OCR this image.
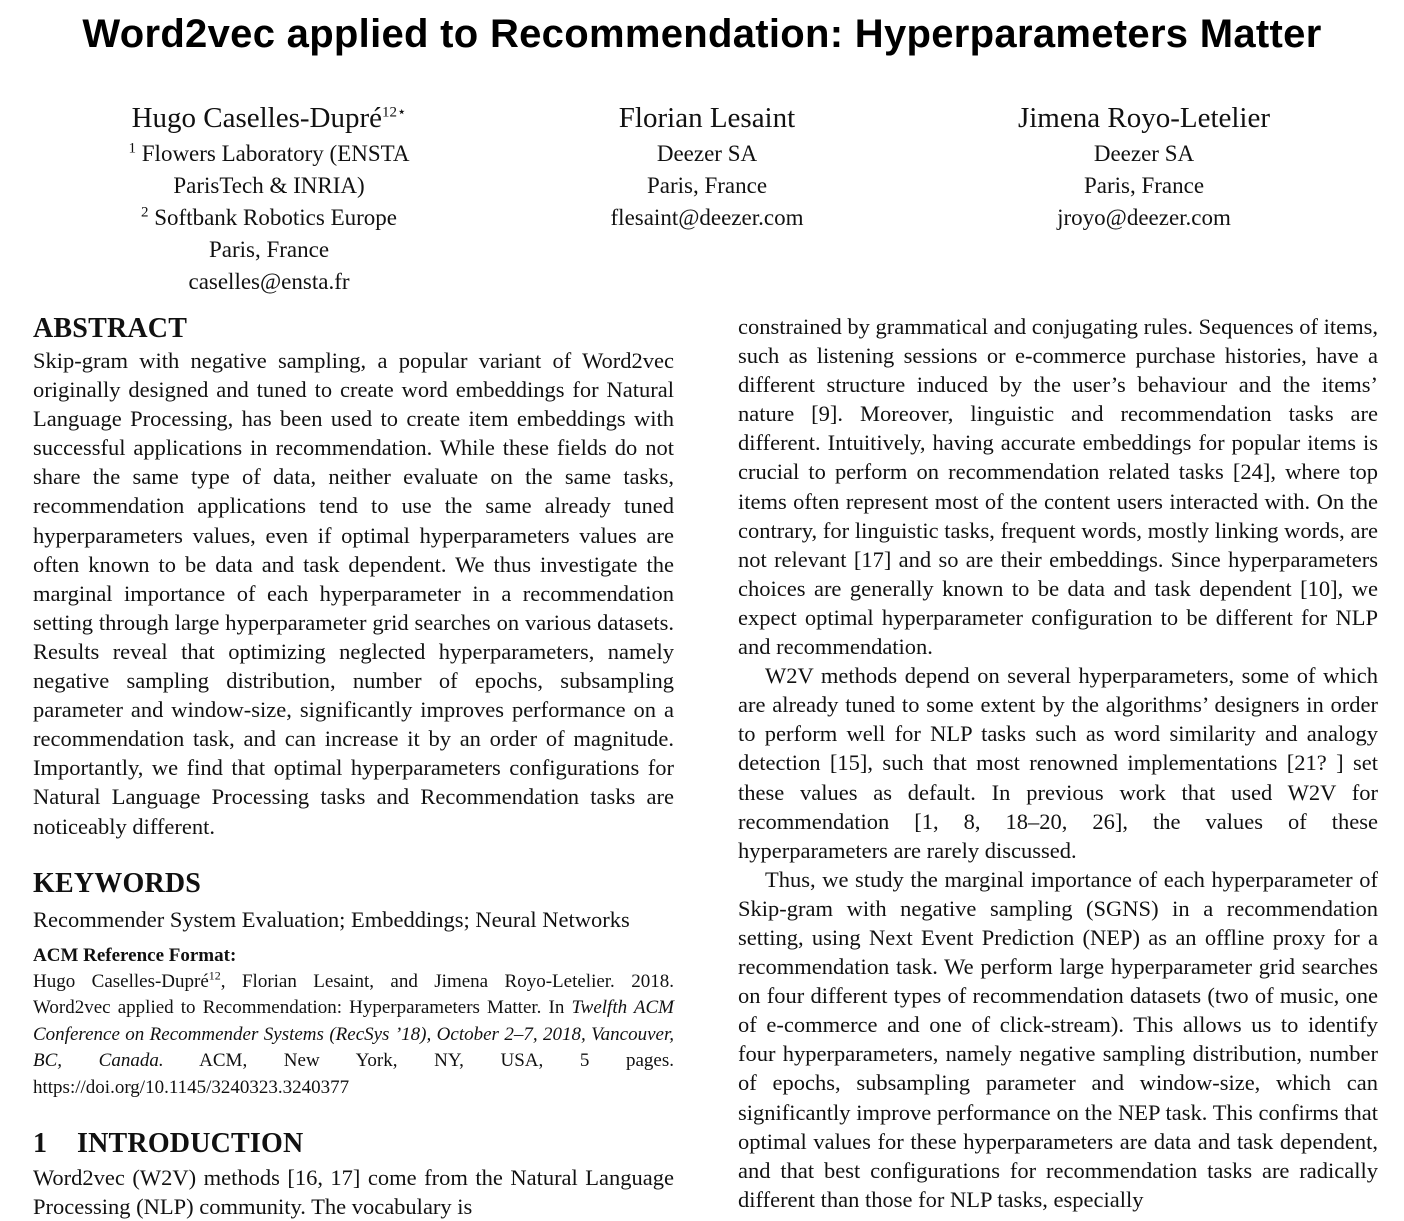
Word2vec applied to Recommendation: Hyperparameters Matter
Hugo Caselles-Dupré$^{12⋆}$
$^1$ Flowers Laboratory (ENSTA
ParisTech & INRIA)
$^2$ Softbank Robotics Europe
Paris, France
caselles@ensta.fr
Florian Lesaint
Deezer SA
Paris, France
flesaint@deezer.com
Jimena Royo-Letelier
Deezer SA
Paris, France
jroyo@deezer.com
ABSTRACT

Skip-gram with negative sampling, a popular variant of Word2vec originally designed and tuned to create word embeddings for Natural Language Processing, has been used to create item embeddings with successful applications in recommendation. While these fields do not share the same type of data, neither evaluate on the same tasks, recommendation applications tend to use the same already tuned hyperparameters values, even if optimal hyperparameters values are often known to be data and task dependent. We thus investigate the marginal importance of each hyperparameter in a recommendation setting through large hyperparameter grid searches on various datasets. Results reveal that optimizing neglected hyperparameters, namely negative sampling distribution, number of epochs, subsampling parameter and window-size, significantly improves performance on a recommendation task, and can increase it by an order of magnitude. Importantly, we find that optimal hyperparameters configurations for Natural Language Processing tasks and Recommendation tasks are noticeably different.

KEYWORDS
Recommender System Evaluation; Embeddings; Neural Networks
ACM Reference Format:
Hugo Caselles-Dupré$^{12}$, Florian Lesaint, and Jimena Royo-Letelier. 2018. Word2vec applied to Recommendation: Hyperparameters Matter. In Twelfth ACM Conference on Recommender Systems (RecSys ’18), October 2–7, 2018, Vancouver, BC, Canada. ACM, New York, NY, USA, 5 pages. https://doi.org/10.1145/3240323.3240377
1 INTRODUCTION

Word2vec (W2V) methods [16, 17] come from the Natural Language Processing (NLP) community. The vocabulary is

constrained by grammatical and conjugating rules. Sequences of items, such as listening sessions or e-commerce purchase histories, have a different structure induced by the user’s behaviour and the items’ nature [9]. Moreover, linguistic and recommendation tasks are different. Intuitively, having accurate embeddings for popular items is crucial to perform on recommendation related tasks [24], where top items often represent most of the content users interacted with. On the contrary, for linguistic tasks, frequent words, mostly linking words, are not relevant [17] and so are their embeddings. Since hyperparameters choices are generally known to be data and task dependent [10], we expect optimal hyperparameter configuration to be different for NLP and recommendation.

W2V methods depend on several hyperparameters, some of which are already tuned to some extent by the algorithms’ designers in order to perform well for NLP tasks such as word similarity and analogy detection [15], such that most renowned implementations [21? ] set these values as default. In previous work that used W2V for recommendation [1, 8, 18–20, 26], the values of these hyperparameters are rarely discussed.

Thus, we study the marginal importance of each hyperparameter of Skip-gram with negative sampling (SGNS) in a recommendation setting, using Next Event Prediction (NEP) as an offline proxy for a recommendation task. We perform large hyperparameter grid searches on four different types of recommendation datasets (two of music, one of e-commerce and one of click-stream). This allows us to identify four hyperparameters, namely negative sampling distribution, number of epochs, subsampling parameter and window-size, which can significantly improve performance on the NEP task. This confirms that optimal values for these hyperparameters are data and task dependent, and that best configurations for recommendation tasks are radically different than those for NLP tasks, especially
